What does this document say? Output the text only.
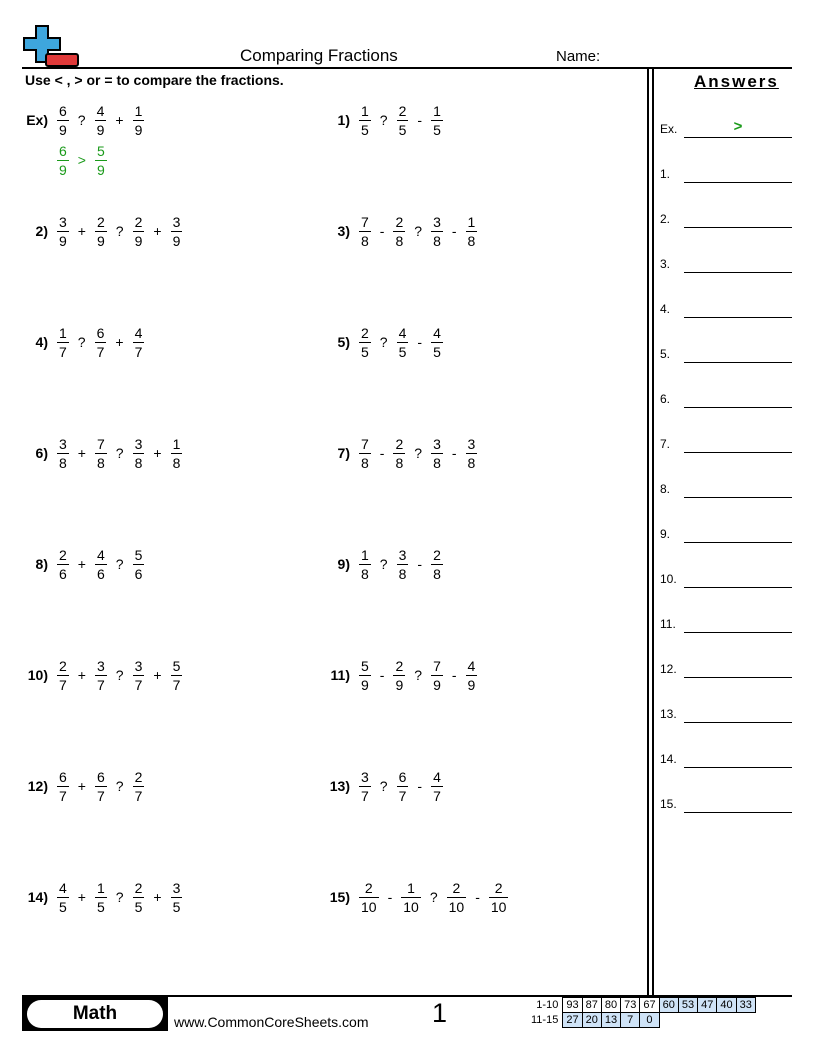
Comparing Fractions	Name:
Use < , > or = to compare the fractions.	Answers
Ex.	>
1.
2.
3.
4.
5.
6.
7.
8.
9.
10.
11.
12.
13.
14.
15.
$Ex) \frac{6}{9}$ ? $\frac{4}{9} + \frac{1}{9}$
$\frac{6}{9} > \frac{5}{9}$
$1) \frac{1}{5}$ ? $\frac{2}{5} - \frac{1}{5}$
$2) \frac{3}{9} + \frac{2}{9}$ ? $\frac{2}{9} + \frac{3}{9}$	$3) \frac{7}{8} - \frac{2}{8}$ ? $\frac{3}{8} - \frac{1}{8}$
$4) \frac{1}{7}$ ? $\frac{6}{7} + \frac{4}{7}$	$5) \frac{2}{5}$ ? $\frac{4}{5} - \frac{4}{5}$
$6) \frac{3}{8} + \frac{7}{8}$ ? $\frac{3}{8} + \frac{1}{8}$	$7) \frac{7}{8} - \frac{2}{8}$ ? $\frac{3}{8} - \frac{3}{8}$
$8) \frac{2}{6} + \frac{4}{6}$ ? $\frac{5}{6}$	$9) \frac{1}{8}$ ? $\frac{3}{8} - \frac{2}{8}$
$10) \frac{2}{7} + \frac{3}{7}$ ? $\frac{3}{7} + \frac{5}{7}$	$11) \frac{5}{9} - \frac{2}{9}$ ? $\frac{7}{9} - \frac{4}{9}$
$12) \frac{6}{7} + \frac{6}{7}$ ? $\frac{2}{7}$	$13) \frac{3}{7}$ ? $\frac{6}{7} - \frac{4}{7}$
$14) \frac{4}{5} + \frac{1}{5}$ ? $\frac{2}{5} + \frac{3}{5}$	$15) \frac{2}{10} - \frac{1}{10}$ ? $\frac{2}{10} - \frac{2}{10}$
Math	www.CommonCoreSheets.com 1	1-10	93	87	80	73	67	60	53	47	40	33
11-15	27	20	13	7	0					
